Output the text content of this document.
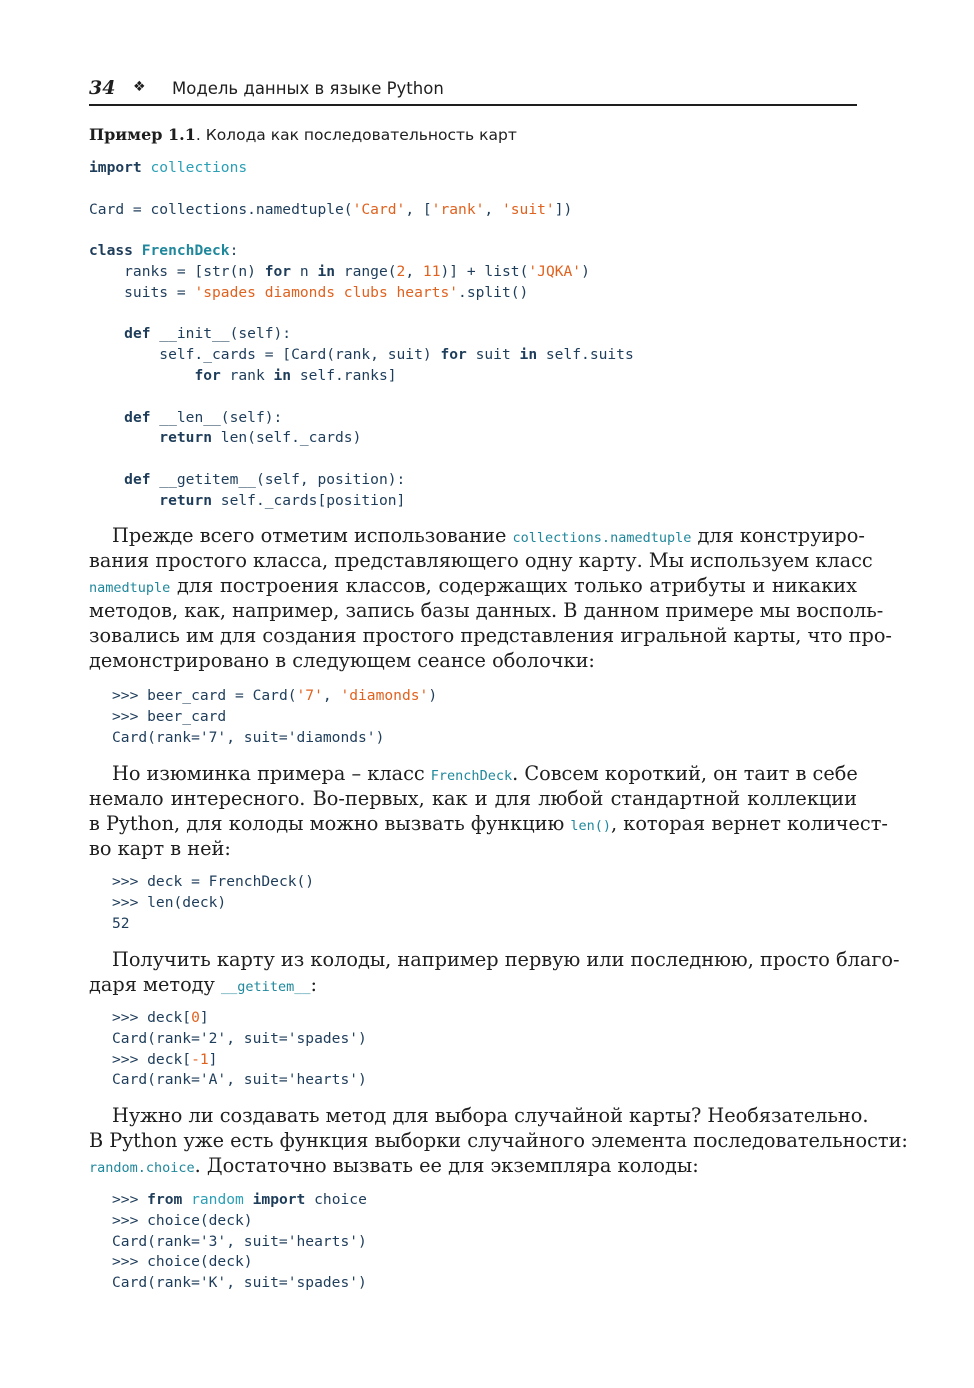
34 ❖ Модель данных в языке Python
Пример 1.1. Колода как последовательность карт
import collections
Card = collections.namedtuple('Card', ['rank', 'suit'])
class FrenchDeck:
ranks = [str(n) for n in range(2, 11)] + list('JQKA')
suits = 'spades diamonds clubs hearts'.split()
def __init__(self):
self._cards = [Card(rank, suit) for suit in self.suits
for rank in self.ranks]
def __len__(self):
return len(self._cards)
def __getitem__(self, position):
return self._cards[position]
Прежде всего отметим использование collections.namedtuple для конструиро-
вания простого класса, представляющего одну карту. Мы используем класс
namedtuple для построения классов, содержащих только атрибуты и никаких
методов, как, например, запись базы данных. В данном примере мы восполь-
зовались им для создания простого представления игральной карты, что про-
демонстрировано в следующем сеансе оболочки:
>>> beer_card = Card('7', 'diamonds')
>>> beer_card
Card(rank='7', suit='diamonds')
Но изюминка примера – класс FrenchDeck. Совсем короткий, он таит в себе
немало интересного. Во-первых, как и для любой стандартной коллекции
в Python, для колоды можно вызвать функцию len(), которая вернет количест-
во карт в ней:
>>> deck = FrenchDeck()
>>> len(deck)
52
Получить карту из колоды, например первую или последнюю, просто благо-
даря методу __getitem__:
>>> deck[0]
Card(rank='2', suit='spades')
>>> deck[-1]
Card(rank='A', suit='hearts')
Нужно ли создавать метод для выбора случайной карты? Необязательно.
В Python уже есть функция выборки случайного элемента последовательности:
random.choice. Достаточно вызвать ее для экземпляра колоды:
>>> from random import choice
>>> choice(deck)
Card(rank='3', suit='hearts')
>>> choice(deck)
Card(rank='K', suit='spades')
